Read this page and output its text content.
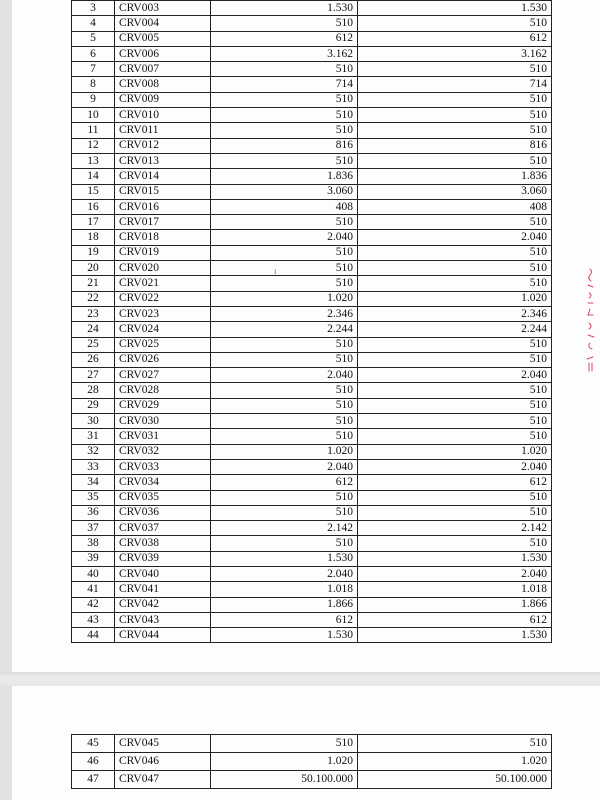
3	CRV003	1.530	1.530
4	CRV004	510	510
5	CRV005	612	612
6	CRV006	3.162	3.162
7	CRV007	510	510
8	CRV008	714	714
9	CRV009	510	510
10	CRV010	510	510
11	CRV011	510	510
12	CRV012	816	816
13	CRV013	510	510
14	CRV014	1.836	1.836
15	CRV015	3.060	3.060
16	CRV016	408	408
17	CRV017	510	510
18	CRV018	2.040	2.040
19	CRV019	510	510
20	CRV020	510	510
21	CRV021	510	510
22	CRV022	1.020	1.020
23	CRV023	2.346	2.346
24	CRV024	2.244	2.244
25	CRV025	510	510
26	CRV026	510	510
27	CRV027	2.040	2.040
28	CRV028	510	510
29	CRV029	510	510
30	CRV030	510	510
31	CRV031	510	510
32	CRV032	1.020	1.020
33	CRV033	2.040	2.040
34	CRV034	612	612
35	CRV035	510	510
36	CRV036	510	510
37	CRV037	2.142	2.142
38	CRV038	510	510
39	CRV039	1.530	1.530
40	CRV040	2.040	2.040
41	CRV041	1.018	1.018
42	CRV042	1.866	1.866
43	CRV043	612	612
44	CRV044	1.530	1.530
ı
45	CRV045	510	510
46	CRV046	1.020	1.020
47	CRV047	50.100.000	50.100.000
